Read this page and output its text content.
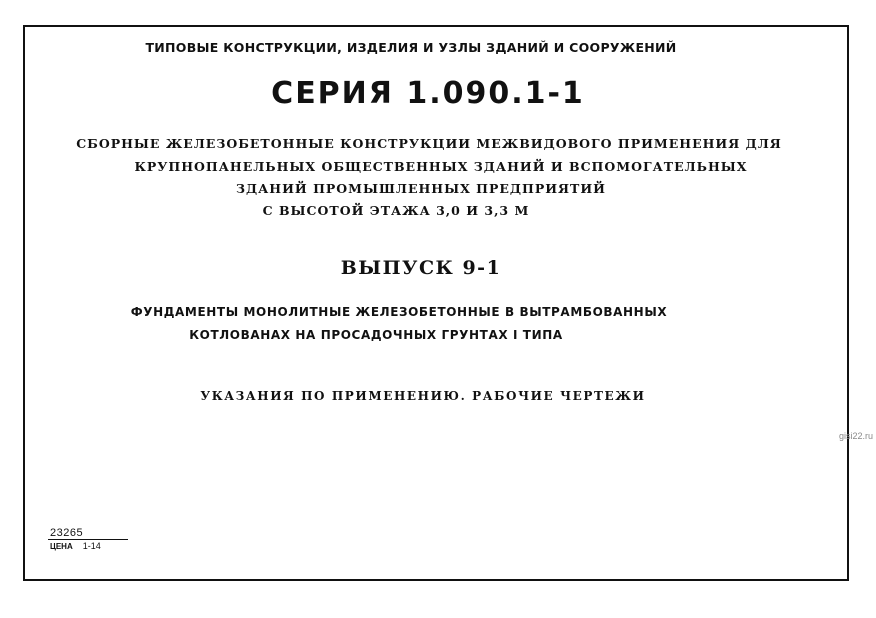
ТИПОВЫЕ КОНСТРУКЦИИ, ИЗДЕЛИЯ И УЗЛЫ ЗДАНИЙ И СООРУЖЕНИЙ
СЕРИЯ 1.090.1-1
СБОРНЫЕ ЖЕЛЕЗОБЕТОННЫЕ КОНСТРУКЦИИ МЕЖВИДОВОГО ПРИМЕНЕНИЯ ДЛЯ
КРУПНОПАНЕЛЬНЫХ ОБЩЕСТВЕННЫХ ЗДАНИЙ И ВСПОМОГАТЕЛЬНЫХ
ЗДАНИЙ ПРОМЫШЛЕННЫХ ПРЕДПРИЯТИЙ
С ВЫСОТОЙ ЭТАЖА 3,0 И 3,3 М
ВЫПУСК 9-1
ФУНДАМЕНТЫ МОНОЛИТНЫЕ ЖЕЛЕЗОБЕТОННЫЕ В ВЫТРАМБОВАННЫХ
КОТЛОВАНАХ НА ПРОСАДОЧНЫХ ГРУНТАХ I ТИПА
УКАЗАНИЯ ПО ПРИМЕНЕНИЮ. РАБОЧИЕ ЧЕРТЕЖИ
gisi22.ru
23265
ЦЕНА 1-14
